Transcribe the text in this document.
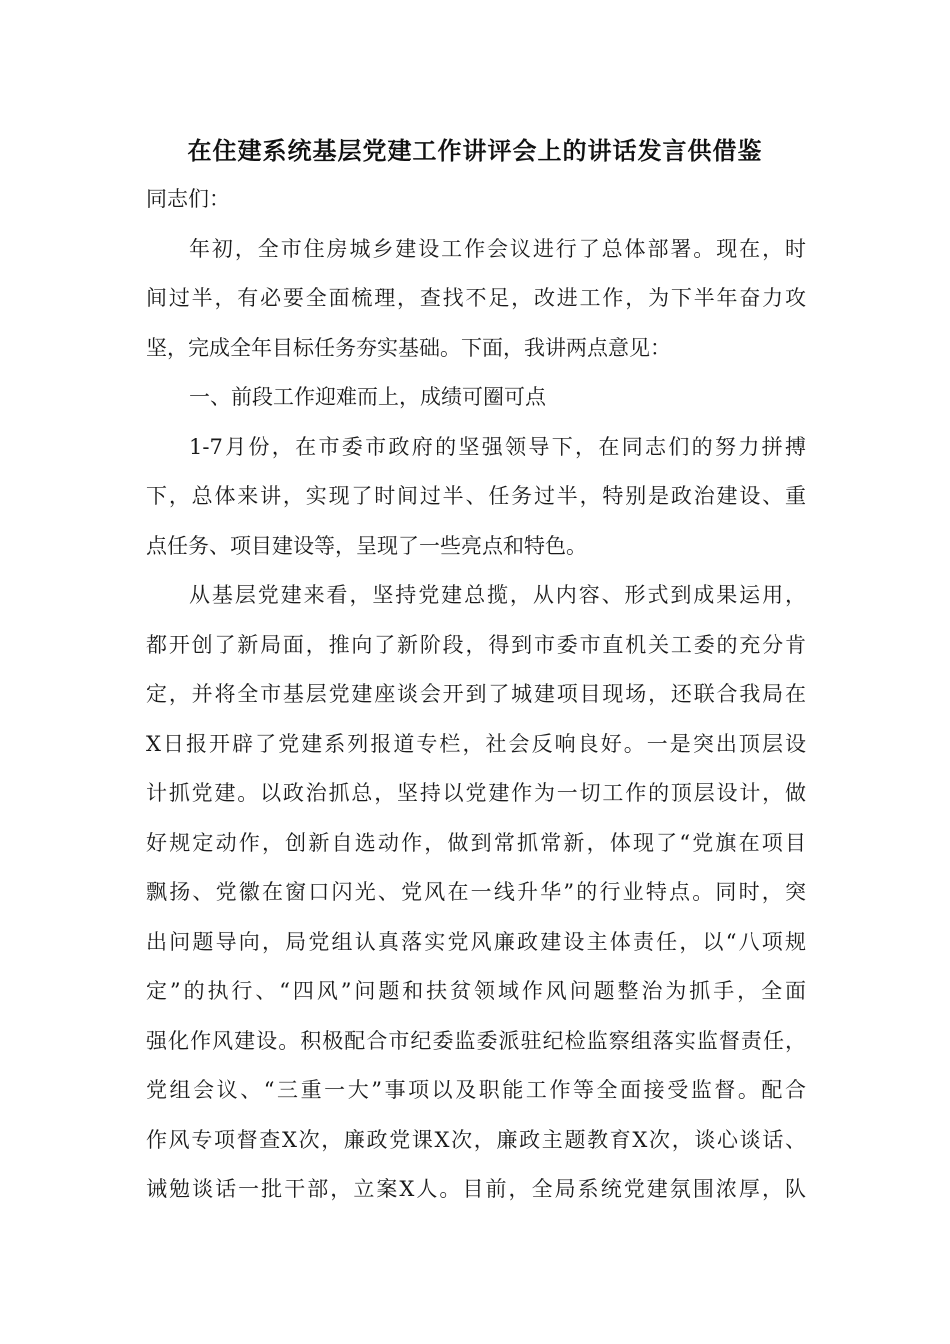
在住建系统基层党建工作讲评会上的讲话发言供借鉴
同志们：
年初，全市住房城乡建设工作会议进行了总体部署。现在，时
间过半，有必要全面梳理，查找不足，改进工作，为下半年奋力攻
坚，完成全年目标任务夯实基础。下面，我讲两点意见：
一、前段工作迎难而上，成绩可圈可点
1-7月份，在市委市政府的坚强领导下，在同志们的努力拼搏
下，总体来讲，实现了时间过半、任务过半，特别是政治建设、重
点任务、项目建设等，呈现了一些亮点和特色。
从基层党建来看，坚持党建总揽，从内容、形式到成果运用，
都开创了新局面，推向了新阶段，得到市委市直机关工委的充分肯
定，并将全市基层党建座谈会开到了城建项目现场，还联合我局在
X日报开辟了党建系列报道专栏，社会反响良好。一是突出顶层设
计抓党建。以政治抓总，坚持以党建作为一切工作的顶层设计，做
好规定动作，创新自选动作，做到常抓常新，体现了“党旗在项目
飘扬、党徽在窗口闪光、党风在一线升华”的行业特点。同时，突
出问题导向，局党组认真落实党风廉政建设主体责任，以“八项规
定”的执行、“四风”问题和扶贫领域作风问题整治为抓手，全面
强化作风建设。积极配合市纪委监委派驻纪检监察组落实监督责任，
党组会议、“三重一大”事项以及职能工作等全面接受监督。配合
作风专项督查X次，廉政党课X次，廉政主题教育X次，谈心谈话、
诫勉谈话一批干部，立案X人。目前，全局系统党建氛围浓厚，队
